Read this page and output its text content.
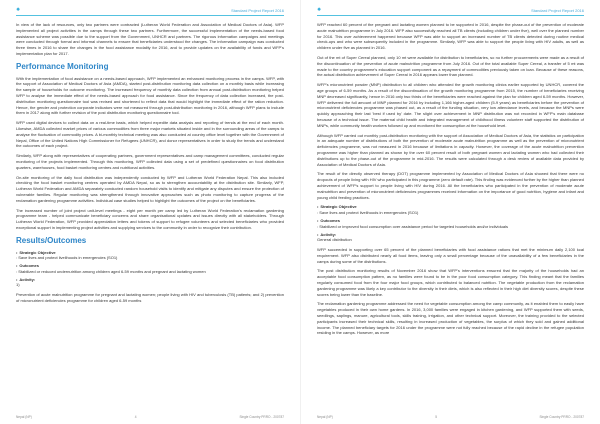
✹	Standard Project Report 2016

In view of the lack of resources, only two partners were contracted (Lutheran World Federation and Association of Medical Doctors of Asia). WFP implemented all project activities in the camps through these two partners. Furthermore, the successful implementation of the needs-based food assistance scheme was possible due to the support from the Government, UNHCR and partners. The rigorous information campaigns and meetings were conducted through formal and informal channels to ensure that beneficiaries understood the changes. The information campaign was conducted three times in 2016 to share the changes in the food assistance modality for 2016, and to provide updates on the availability of funds and WFP's implementation plan for 2017.

Performance Monitoring

With the implementation of food assistance on a needs-based approach, WFP implemented an enhanced monitoring process in the camps. WFP, with the support of Association of Medical Doctors of Asia (AMDA), started post-distribution monitoring data collection on a monthly basis while increasing the sample of households for outcome monitoring. The increased frequency of monthly data collection from annual post-distribution monitoring helped WFP to analyse the immediate effect of the needs-based approach for food assistance. Since the frequency of data collection increased, the post-distribution monitoring questionnaire tool was revised and shortened to reflect data that would highlight the immediate effect of the ration reduction. Hence, the gender and protection corporate indicators were not measured through post-distribution monitoring in 2016, although WFP plans to include them in 2017 along with further revision of the post distribution monitoring questionnaire tool.

WFP used digital devices to collect data on a real-time basis, which helped expedite data analysis and reporting of trends at the end of each month. Likewise, AMDA collected market prices of various commodities from three major markets situated inside and in the surrounding areas of the camps to analyse the fluctuation of commodity prices. A bi-monthly technical meeting was also conducted at country office level together with the Government of Nepal, Office of the United Nations High Commissioner for Refugees (UNHCR), and donor representatives in order to study the trends and understand the outcomes of each project.

Similarly, WFP along with representatives of cooperating partners, government representatives and camp management committees, conducted regular monitoring of the projects implemented. Through this monitoring, WFP collected data using a set of predefined questionnaires on food distribution quarters, warehouses, food basket monitoring centres and nutritional activities.

On-site monitoring of the daily food distribution was independently conducted by WFP and Lutheran World Federation Nepal. This also included checking the food basket monitoring centres operated by AMDA Nepal, so as to strengthen accountability at the distribution site. Similarly, WFP, Lutheran World Federation and AMDA separately conducted random household visits to identify and mitigate any disputes and ensure the protection of vulnerable families. Regular monitoring was strengthened through innovative approaches such as photo monitoring to capture progress of the reclamation gardening programme activities. Individual case studies helped to highlight the outcomes of the project on the beneficiaries.

The increased number of joint project unit-level meetings - eight per month per camp led by Lutheran World Federation's reclamation gardening programme team - helped communicate beneficiary concerns and share organisational updates and issues directly with all stakeholders. Through Lutheran World Federation, WFP provided appreciation letters and tokens of support to refugee volunteers and selected beneficiaries who provided exceptional support in implementing project activities and supplying services to the community in order to recognize their contribution.

Results/Outcomes
• Strategic Objective
: Save lives and protect livelihoods in emergencies (SO1)
• Outcomes
: Stabilized or reduced undernutrition among children aged 6-59 months and pregnant and lactating women
• Activity:
1)

Prevention of acute malnutrition programme for pregnant and lactating women; people living with HIV and tuberculosis (TB) patients; and 2) prevention of micronutrient deficiencies programme for children aged 6-59 months

Nepal (NP)	4	Single Country PRRO - 200787
✹	Standard Project Report 2016

WFP reached 60 percent of the pregnant and lactating women planned to be supported in 2016, despite the phase-out of the prevention of moderate acute malnutrition programme in July 2016. WFP also successfully reached all TB clients (including children under five), well over the planned number for 2016. This over achievement happened because WFP was able to support an increased number of TB clients detected during routine medical check-ups and who were subsequently included in the programme. Similarly, WFP was able to support the people living with HIV adults, as well as children under five as planned in 2016.

Out of the mt of Super Cereal planned, only 10 mt were available for distribution to beneficiaries, so no further procurements were made as a result of the discontinuation of the prevention of acute malnutrition programme from July 2016. Out of the total available Super Cereal, a transfer of 5 mt was made to the country programme's education support component as a repayment of commodities previously taken on loan. Because of these reasons, the actual distribution achievement of Super Cereal in 2016 appears lower than planned.

WFP's micronutrient powder (MNP) distribution to all children who attended the growth monitoring clinics earlier supported by UNHCR, covered the age groups of 6-59 months. As a result of the discontinuation of the growth monitoring programme from 2015, the number of beneficiaries receiving MNP decreased significantly, hence in 2016 only two thirds of the beneficiaries were reached against the plan for children aged 6-59 months. However, WFP delivered the full amount of MNP planned for 2016 by including 1,166 higher-aged children (5-9 years) as beneficiaries before the prevention of micronutrient deficiencies programme was phased out, as a result of the funding situation, very low attendance levels, and because the MNPs were quickly approaching their last 'best if used by' date. The slight over achievement in MNP distribution was not recorded in WFP's main database because of a technical issue. The maternal child health and integrated management of childhood illness volunteer staff supported the distribution of MNPs, while community health workers followed up and monitored the consumption at the household level.

Although WFP carried out monthly post-distribution monitoring with the support of Association of Medical Doctors of Asia, the statistics on participation in an adequate number of distributions of both the prevention of moderate acute malnutrition programme as well as the prevention of micronutrient deficiencies programme, was not measured in 2016 because of limitations in capacity. However, the coverage of the acute malnutrition prevention programme was higher than planned as shown by the over 60 percent result of both pregnant women and lactating women who had collected their distributions up to the phase-out of the programme in mid-2016. The results were calculated through a desk review of available data provided by Association of Medical Doctors of Asia.

The result of the directly observed therapy (DOT) programme implemented by Association of Medical Doctors of Asia showed that there were no dropouts of people living with HIV who participated in this programme (zero default rate). This finding was evidenced further by the higher than planned achievement of WFP's support to people living with HIV during 2016. All the beneficiaries who participated in the prevention of moderate acute malnutrition and prevention of micronutrient deficiencies programmes received information on the importance of good nutrition, hygiene and infant and young child feeding practices.

• Strategic Objective
: Save lives and protect livelihoods in emergencies (SO1)
• Outcomes
: Stabilized or improved food consumption over assistance period for targeted households and/or individuals
• Activity:
General distribution

WFP succeeded in supporting over 65 percent of the planned beneficiaries with food assistance rations that met the minimum daily 2,100 kcal requirement. WFP also distributed nearly all food items, leaving only a small percentage because of the unavailability of a few beneficiaries in the camps during some of the distributions.

The post distribution monitoring results of November 2016 show that WFP's interventions ensured that the majority of the households had an acceptable food consumption pattern, as no families were found to be in the poor food consumption category. This finding meant that the families regularly consumed food from the four major food groups, which contributed to balanced nutrition. The vegetable production from the reclamation gardening programme was likely a key contributor to the diversity in their diets, which is also reflected in their high diet diversity scores, despite these scores being lower than the baseline.

The reclamation gardening programme addressed the need for vegetable consumption among the camp community, as it enabled them to easily have vegetables produced in their own home gardens. In 2016, 3,000 families were engaged in kitchen gardening, and WFP supported them with seeds, seedlings, saplings, manure, agricultural tools, skills training, irrigation, and other technical support. Moreover, the training provided to the selected participants increased their technical skills, resulting in increased production of vegetables, the surplus of which they sold and gained additional income. The planned beneficiary targets for 2016 under the programme were not fully reached because of the rapid decline in the refugee population residing in the camps. However, as more

Nepal (NP)	5	Single Country PRRO - 200787
